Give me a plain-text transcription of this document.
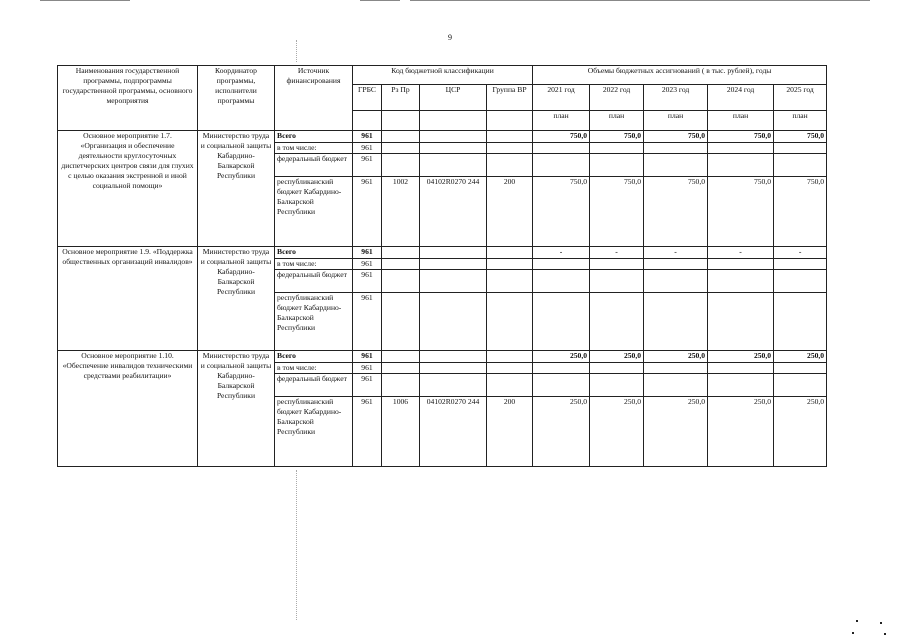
9
Наименования государственной программы, подпрограммы государственной программы, основного мероприятия	Координатор программы, исполнители программы	Источник финансирования	Код бюджетной классификации				Объемы бюджетных ассигнований ( в тыс. рублей), годы				
			ГРБС	Рз Пр	ЦСР	Группа ВР	2021 год	2022 год	2023 год	2024 год	2025 год
							план	план	план	план	план
Основное мероприятие 1.7. «Организация и обеспечение деятельности круглосуточных диспетчерских центров связи для глухих с целью оказания экстренной и иной социальной помощи»	Министерство труда и социальной защиты Кабардино-Балкарской Республики	Всего	961				750,0	750,0	750,0	750,0	750,0
		в том числе:	961								
		федеральный бюджет	961								
		республиканский бюджет Кабардино-Балкарской Республики	961	1002	04102R0270 244	200	750,0	750,0	750,0	750,0	750,0
Основное мероприятие 1.9. «Поддержка общественных организаций инвалидов»	Министерство труда и социальной защиты Кабардино-Балкарской Республики	Всего	961				-	-	-	-	-
		в том числе:	961								
		федеральный бюджет	961								
		республиканский бюджет Кабардино-Балкарской Республики	961								
Основное мероприятие 1.10. «Обеспечение инвалидов техническими средствами реабилитации»	Министерство труда и социальной защиты Кабардино-Балкарской Республики	Всего	961				250,0	250,0	250,0	250,0	250,0
		в том числе:	961								
		федеральный бюджет	961								
		республиканский бюджет Кабардино-Балкарской Республики	961	1006	04102R0270 244	200	250,0	250,0	250,0	250,0	250,0
